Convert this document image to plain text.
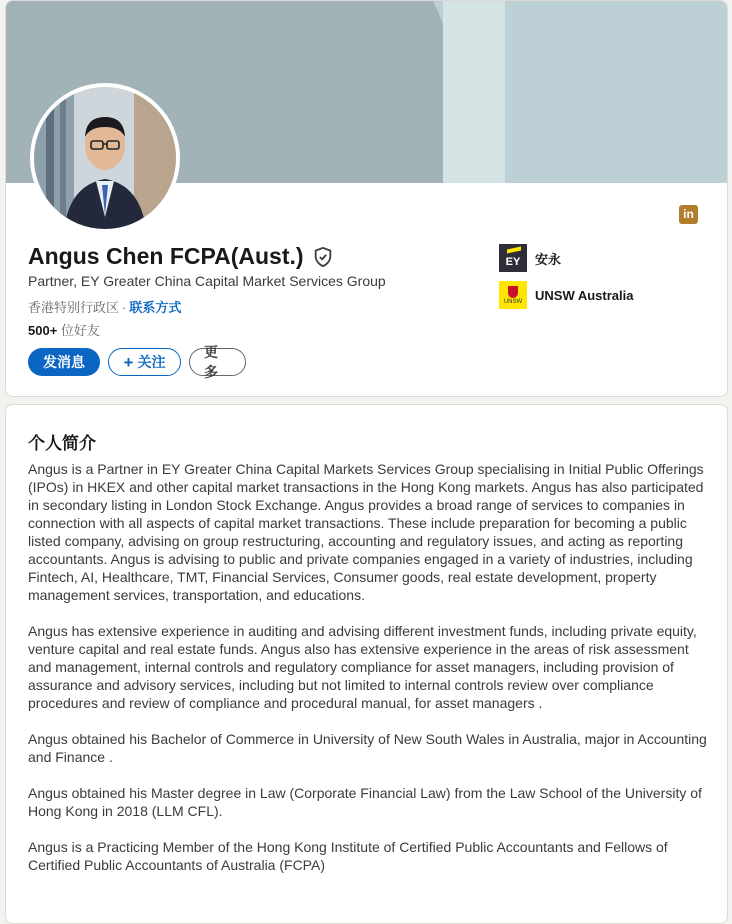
in
Angus Chen FCPA(Aust.)
Partner, EY Greater China Capital Market Services Group
香港特别行政区 · 联系方式
500+ 位好友
发消息 + 关注
更多
EY 安永
UNSW UNSW Australia
个人简介

Angus is a Partner in EY Greater China Capital Markets Services Group specialising in Initial Public Offerings (IPOs) in HKEX and other capital market transactions in the Hong Kong markets. Angus has also participated in secondary listing in London Stock Exchange. Angus provides a broad range of services to companies in connection with all aspects of capital market transactions. These include preparation for becoming a public listed company, advising on group restructuring, accounting and regulatory issues, and acting as reporting accountants. Angus is advising to public and private companies engaged in a variety of industries, including Fintech, AI, Healthcare, TMT, Financial Services, Consumer goods, real estate development, property management services, transportation, and educations.

Angus has extensive experience in auditing and advising different investment funds, including private equity, venture capital and real estate funds. Angus also has extensive experience in the areas of risk assessment and management, internal controls and regulatory compliance for asset managers, including provision of assurance and advisory services, including but not limited to internal controls review over compliance procedures and review of compliance and procedural manual, for asset managers .

Angus obtained his Bachelor of Commerce in University of New South Wales in Australia, major in Accounting and Finance .

Angus obtained his Master degree in Law (Corporate Financial Law) from the Law School of the University of Hong Kong in 2018 (LLM CFL).

Angus is a Practicing Member of the Hong Kong Institute of Certified Public Accountants and Fellows of Certified Public Accountants of Australia (FCPA)
